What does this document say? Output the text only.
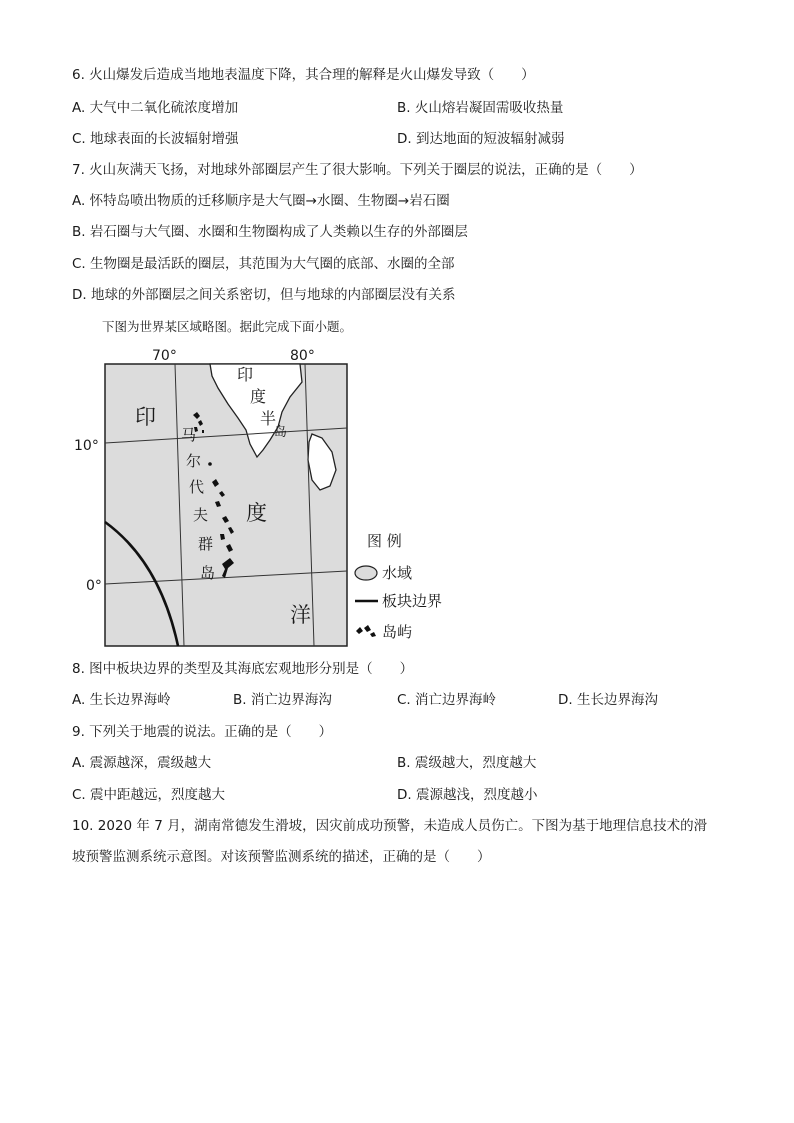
6. 火山爆发后造成当地地表温度下降，其合理的解释是火山爆发导致（　　）
A. 大气中二氧化硫浓度增加	B. 火山熔岩凝固需吸收热量
C. 地球表面的长波辐射增强	D. 到达地面的短波辐射减弱
7. 火山灰满天飞扬，对地球外部圈层产生了很大影响。下列关于圈层的说法，正确的是（　　）
A. 怀特岛喷出物质的迁移顺序是大气圈→水圈、生物圈→岩石圈
B. 岩石圈与大气圈、水圈和生物圈构成了人类赖以生存的外部圈层
C. 生物圈是最活跃的圈层，其范围为大气圈的底部、水圈的全部
D. 地球的外部圈层之间关系密切，但与地球的内部圈层没有关系
下图为世界某区域略图。据此完成下面小题。
70°	80°
10°
0°
印
度
半
岛
印
度
洋
马
尔
代
夫
群
岛
图 例
水域
板块边界
岛屿
8. 图中板块边界的类型及其海底宏观地形分别是（　　）
A. 生长边界海岭	B. 消亡边界海沟	C. 消亡边界海岭	D. 生长边界海沟
9. 下列关于地震的说法。正确的是（　　）
A. 震源越深，震级越大	B. 震级越大，烈度越大
C. 震中距越远，烈度越大	D. 震源越浅，烈度越小
10. 2020 年 7 月，湖南常德发生滑坡，因灾前成功预警，未造成人员伤亡。下图为基于地理信息技术的滑
坡预警监测系统示意图。对该预警监测系统的描述，正确的是（　　）
